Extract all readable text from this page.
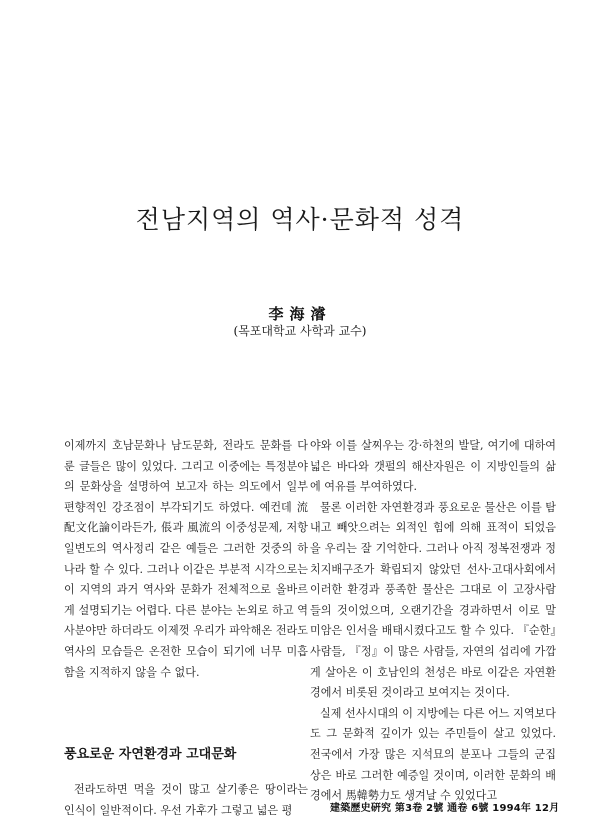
전남지역의 역사·문화적 성격
李海濬
(목포대학교 사학과 교수)

이제까지 호남문화나 남도문화, 전라도 문화를 다룬 글들은 많이 있었다. 그리고 이중에는 특정분야의 문화상을 설명하여 보고자 하는 의도에서 일부 편향적인 강조점이 부각되기도 하였다. 예컨데 流配文化論이라든가, 倀과 風流의 이중성문제, 저항일변도의 역사정리 같은 예들은 그러한 것중의 하나라 할 수 있다. 그러나 이같은 부분적 시각으로는 이 지역의 과거 역사와 문화가 전체적으로 올바르게 설명되기는 어렵다. 다른 분야는 논외로 하고 역사분야만 하더라도 이제껏 우리가 파악해온 전라도 역사의 모습들은 온전한 모습이 되기에 너무 미흡함을 지적하지 않을 수 없다.

풍요로운 자연환경과 고대문화

전라도하면 먹을 것이 많고 살기좋은 땅이라는 인식이 일반적이다. 우선 가후가 그렇고 넓은 평

야와 이를 살찌우는 강·하천의 발달, 여기에 대하여 넓은 바다와 갯펄의 해산자원은 이 지방인들의 삶에 여유를 부여하였다.

물론 이러한 자연환경과 풍요로운 물산은 이를 탐내고 빼앗으려는 외적인 힘에 의해 표적이 되었음을 우리는 잘 기억한다. 그러나 아직 정복전쟁과 정치지배구조가 확립되지 않았던 선사·고대사회에서 이러한 환경과 풍족한 물산은 그대로 이 고장사람들의 것이었으며, 오랜기간을 경과하면서 이로 말미암은 인서을 배태시켰다고도 할 수 있다. 『순한』사람들, 『정』이 많은 사람들, 자연의 섭리에 가깝게 살아온 이 호남인의 천성은 바로 이같은 자연환경에서 비롯된 것이라고 보여지는 것이다.

실제 선사시대의 이 지방에는 다른 어느 지역보다도 그 문화적 깊이가 있는 주민들이 살고 있었다. 전국에서 가장 많은 지석묘의 분포나 그들의 군집상은 바로 그러한 예증일 것이며, 이러한 문화의 배경에서 馬韓勢力도 생겨날 수 있었다고

建築歷史硏究 第3卷 2號 通卷 6號 1994年 12月
